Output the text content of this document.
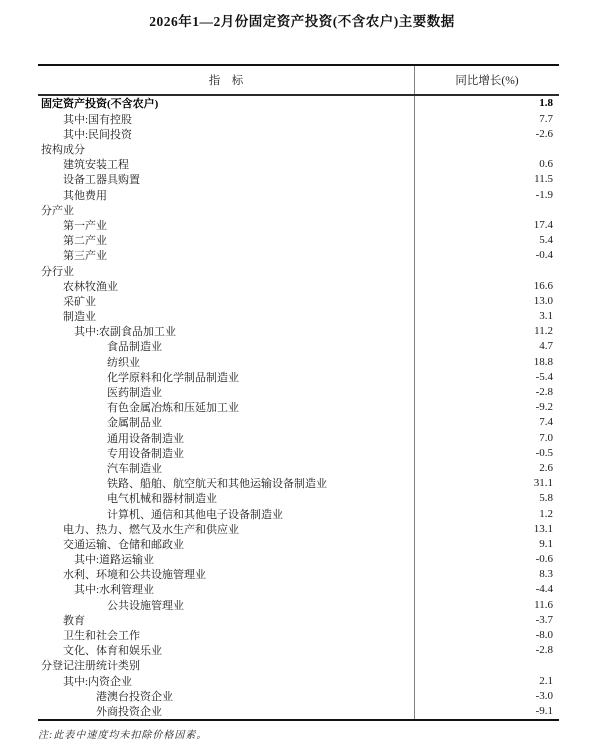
2026年1—2月份固定资产投资(不含农户)主要数据
指　标	同比增长(%)
固定资产投资(不含农户)	1.8
其中:国有控股	7.7
其中:民间投资	-2.6
按构成分
建筑安装工程	0.6
设备工器具购置	11.5
其他费用	-1.9
分产业
第一产业	17.4
第二产业	5.4
第三产业	-0.4
分行业
农林牧渔业	16.6
采矿业	13.0
制造业	3.1
其中:农副食品加工业	11.2
食品制造业	4.7
纺织业	18.8
化学原料和化学制品制造业	-5.4
医药制造业	-2.8
有色金属冶炼和压延加工业	-9.2
金属制品业	7.4
通用设备制造业	7.0
专用设备制造业	-0.5
汽车制造业	2.6
铁路、船舶、航空航天和其他运输设备制造业	31.1
电气机械和器材制造业	5.8
计算机、通信和其他电子设备制造业	1.2
电力、热力、燃气及水生产和供应业	13.1
交通运输、仓储和邮政业	9.1
其中:道路运输业	-0.6
水利、环境和公共设施管理业	8.3
其中:水利管理业	-4.4
公共设施管理业	11.6
教育	-3.7
卫生和社会工作	-8.0
文化、体育和娱乐业	-2.8
分登记注册统计类别
其中:内资企业	2.1
港澳台投资企业	-3.0
外商投资企业	-9.1
注:此表中速度均未扣除价格因素。
